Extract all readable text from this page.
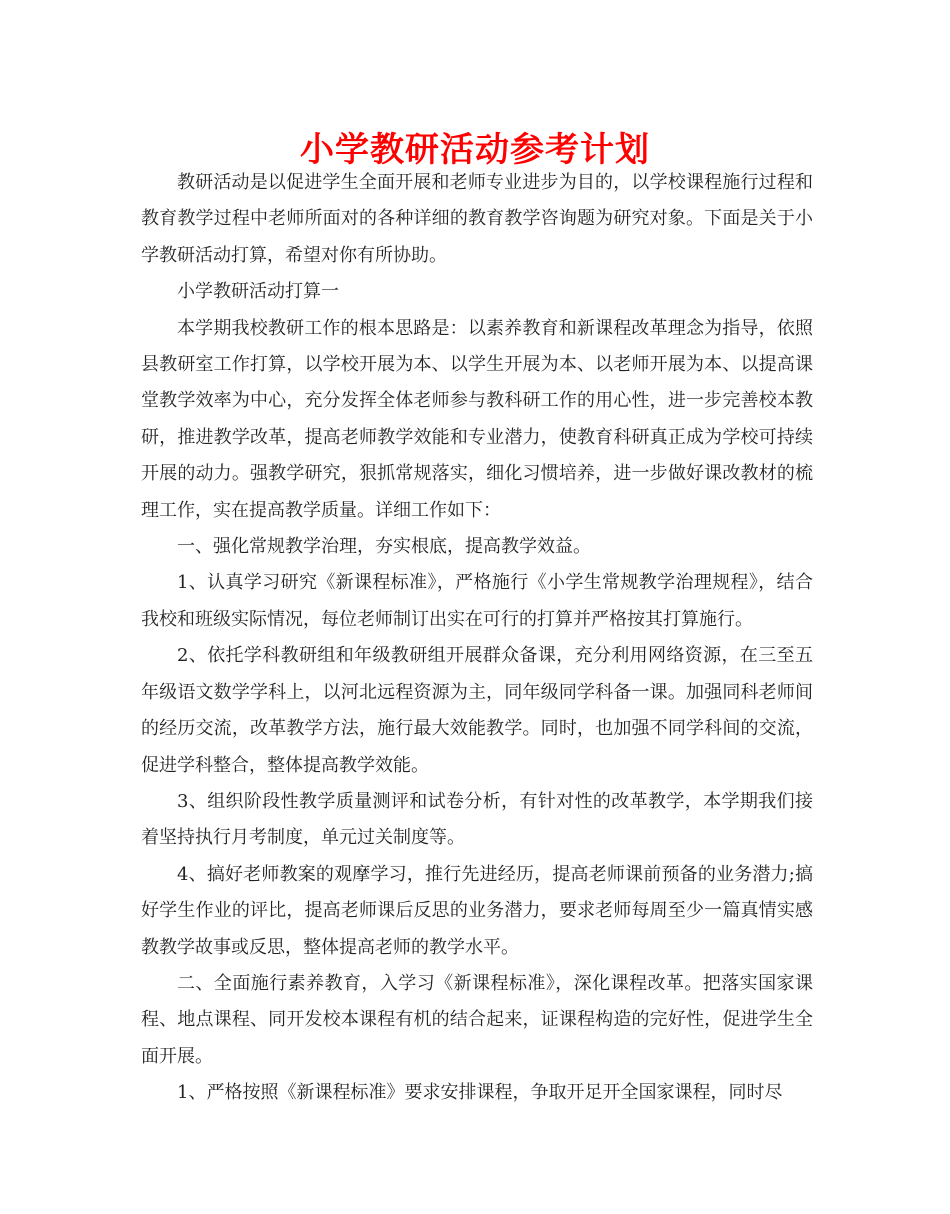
小学教研活动参考计划

教研活动是以促进学生全面开展和老师专业进步为目的，以学校课程施行过程和教育教学过程中老师所面对的各种详细的教育教学咨询题为研究对象。下面是关于小学教研活动打算，希望对你有所协助。

小学教研活动打算一

本学期我校教研工作的根本思路是：以素养教育和新课程改革理念为指导，依照县教研室工作打算，以学校开展为本、以学生开展为本、以老师开展为本、以提高课堂教学效率为中心，充分发挥全体老师参与教科研工作的用心性，进一步完善校本教研，推进教学改革，提高老师教学效能和专业潜力，使教育科研真正成为学校可持续开展的动力。强教学研究，狠抓常规落实，细化习惯培养，进一步做好课改教材的梳理工作，实在提高教学质量。详细工作如下：

一、强化常规教学治理，夯实根底，提高教学效益。

1、认真学习研究《新课程标准》，严格施行《小学生常规教学治理规程》，结合我校和班级实际情况，每位老师制订出实在可行的打算并严格按其打算施行。

2、依托学科教研组和年级教研组开展群众备课，充分利用网络资源，在三至五年级语文数学学科上，以河北远程资源为主，同年级同学科备一课。加强同科老师间的经历交流，改革教学方法，施行最大效能教学。同时，也加强不同学科间的交流，促进学科整合，整体提高教学效能。

3、组织阶段性教学质量测评和试卷分析，有针对性的改革教学，本学期我们接着坚持执行月考制度，单元过关制度等。

4、搞好老师教案的观摩学习，推行先进经历，提高老师课前预备的业务潜力;搞好学生作业的评比，提高老师课后反思的业务潜力，要求老师每周至少一篇真情实感教教学故事或反思，整体提高老师的教学水平。

二、全面施行素养教育，入学习《新课程标准》，深化课程改革。把落实国家课程、地点课程、同开发校本课程有机的结合起来，证课程构造的完好性，促进学生全面开展。

1、严格按照《新课程标准》要求安排课程，争取开足开全国家课程，同时尽
